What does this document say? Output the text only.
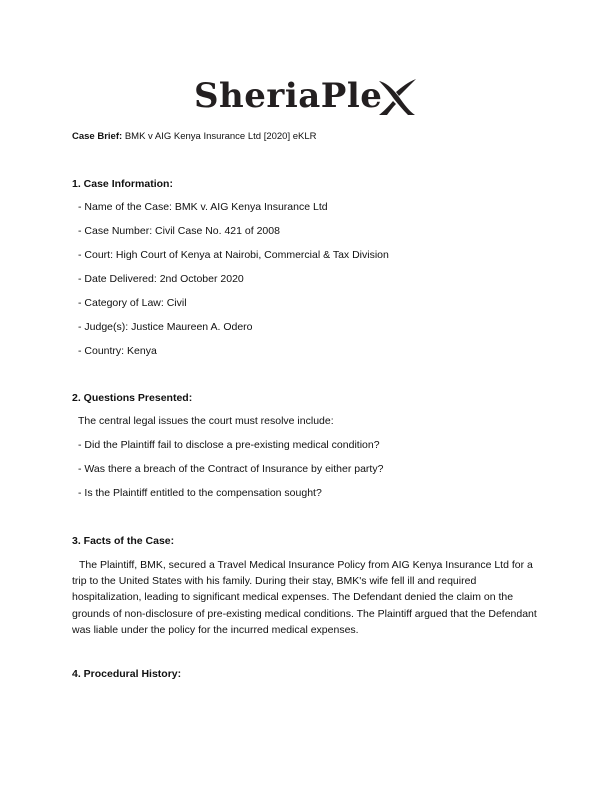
SheriaPle
Case Brief: BMK v AIG Kenya Insurance Ltd [2020] eKLR
1. Case Information:
- Name of the Case: BMK v. AIG Kenya Insurance Ltd
- Case Number: Civil Case No. 421 of 2008
- Court: High Court of Kenya at Nairobi, Commercial & Tax Division
- Date Delivered: 2nd October 2020
- Category of Law: Civil
- Judge(s): Justice Maureen A. Odero
- Country: Kenya
2. Questions Presented:
The central legal issues the court must resolve include:
- Did the Plaintiff fail to disclose a pre-existing medical condition?
- Was there a breach of the Contract of Insurance by either party?
- Is the Plaintiff entitled to the compensation sought?
3. Facts of the Case:
The Plaintiff, BMK, secured a Travel Medical Insurance Policy from AIG Kenya Insurance Ltd for a trip to the United States with his family. During their stay, BMK's wife fell ill and required hospitalization, leading to significant medical expenses. The Defendant denied the claim on the grounds of non-disclosure of pre-existing medical conditions. The Plaintiff argued that the Defendant was liable under the policy for the incurred medical expenses.
4. Procedural History:
